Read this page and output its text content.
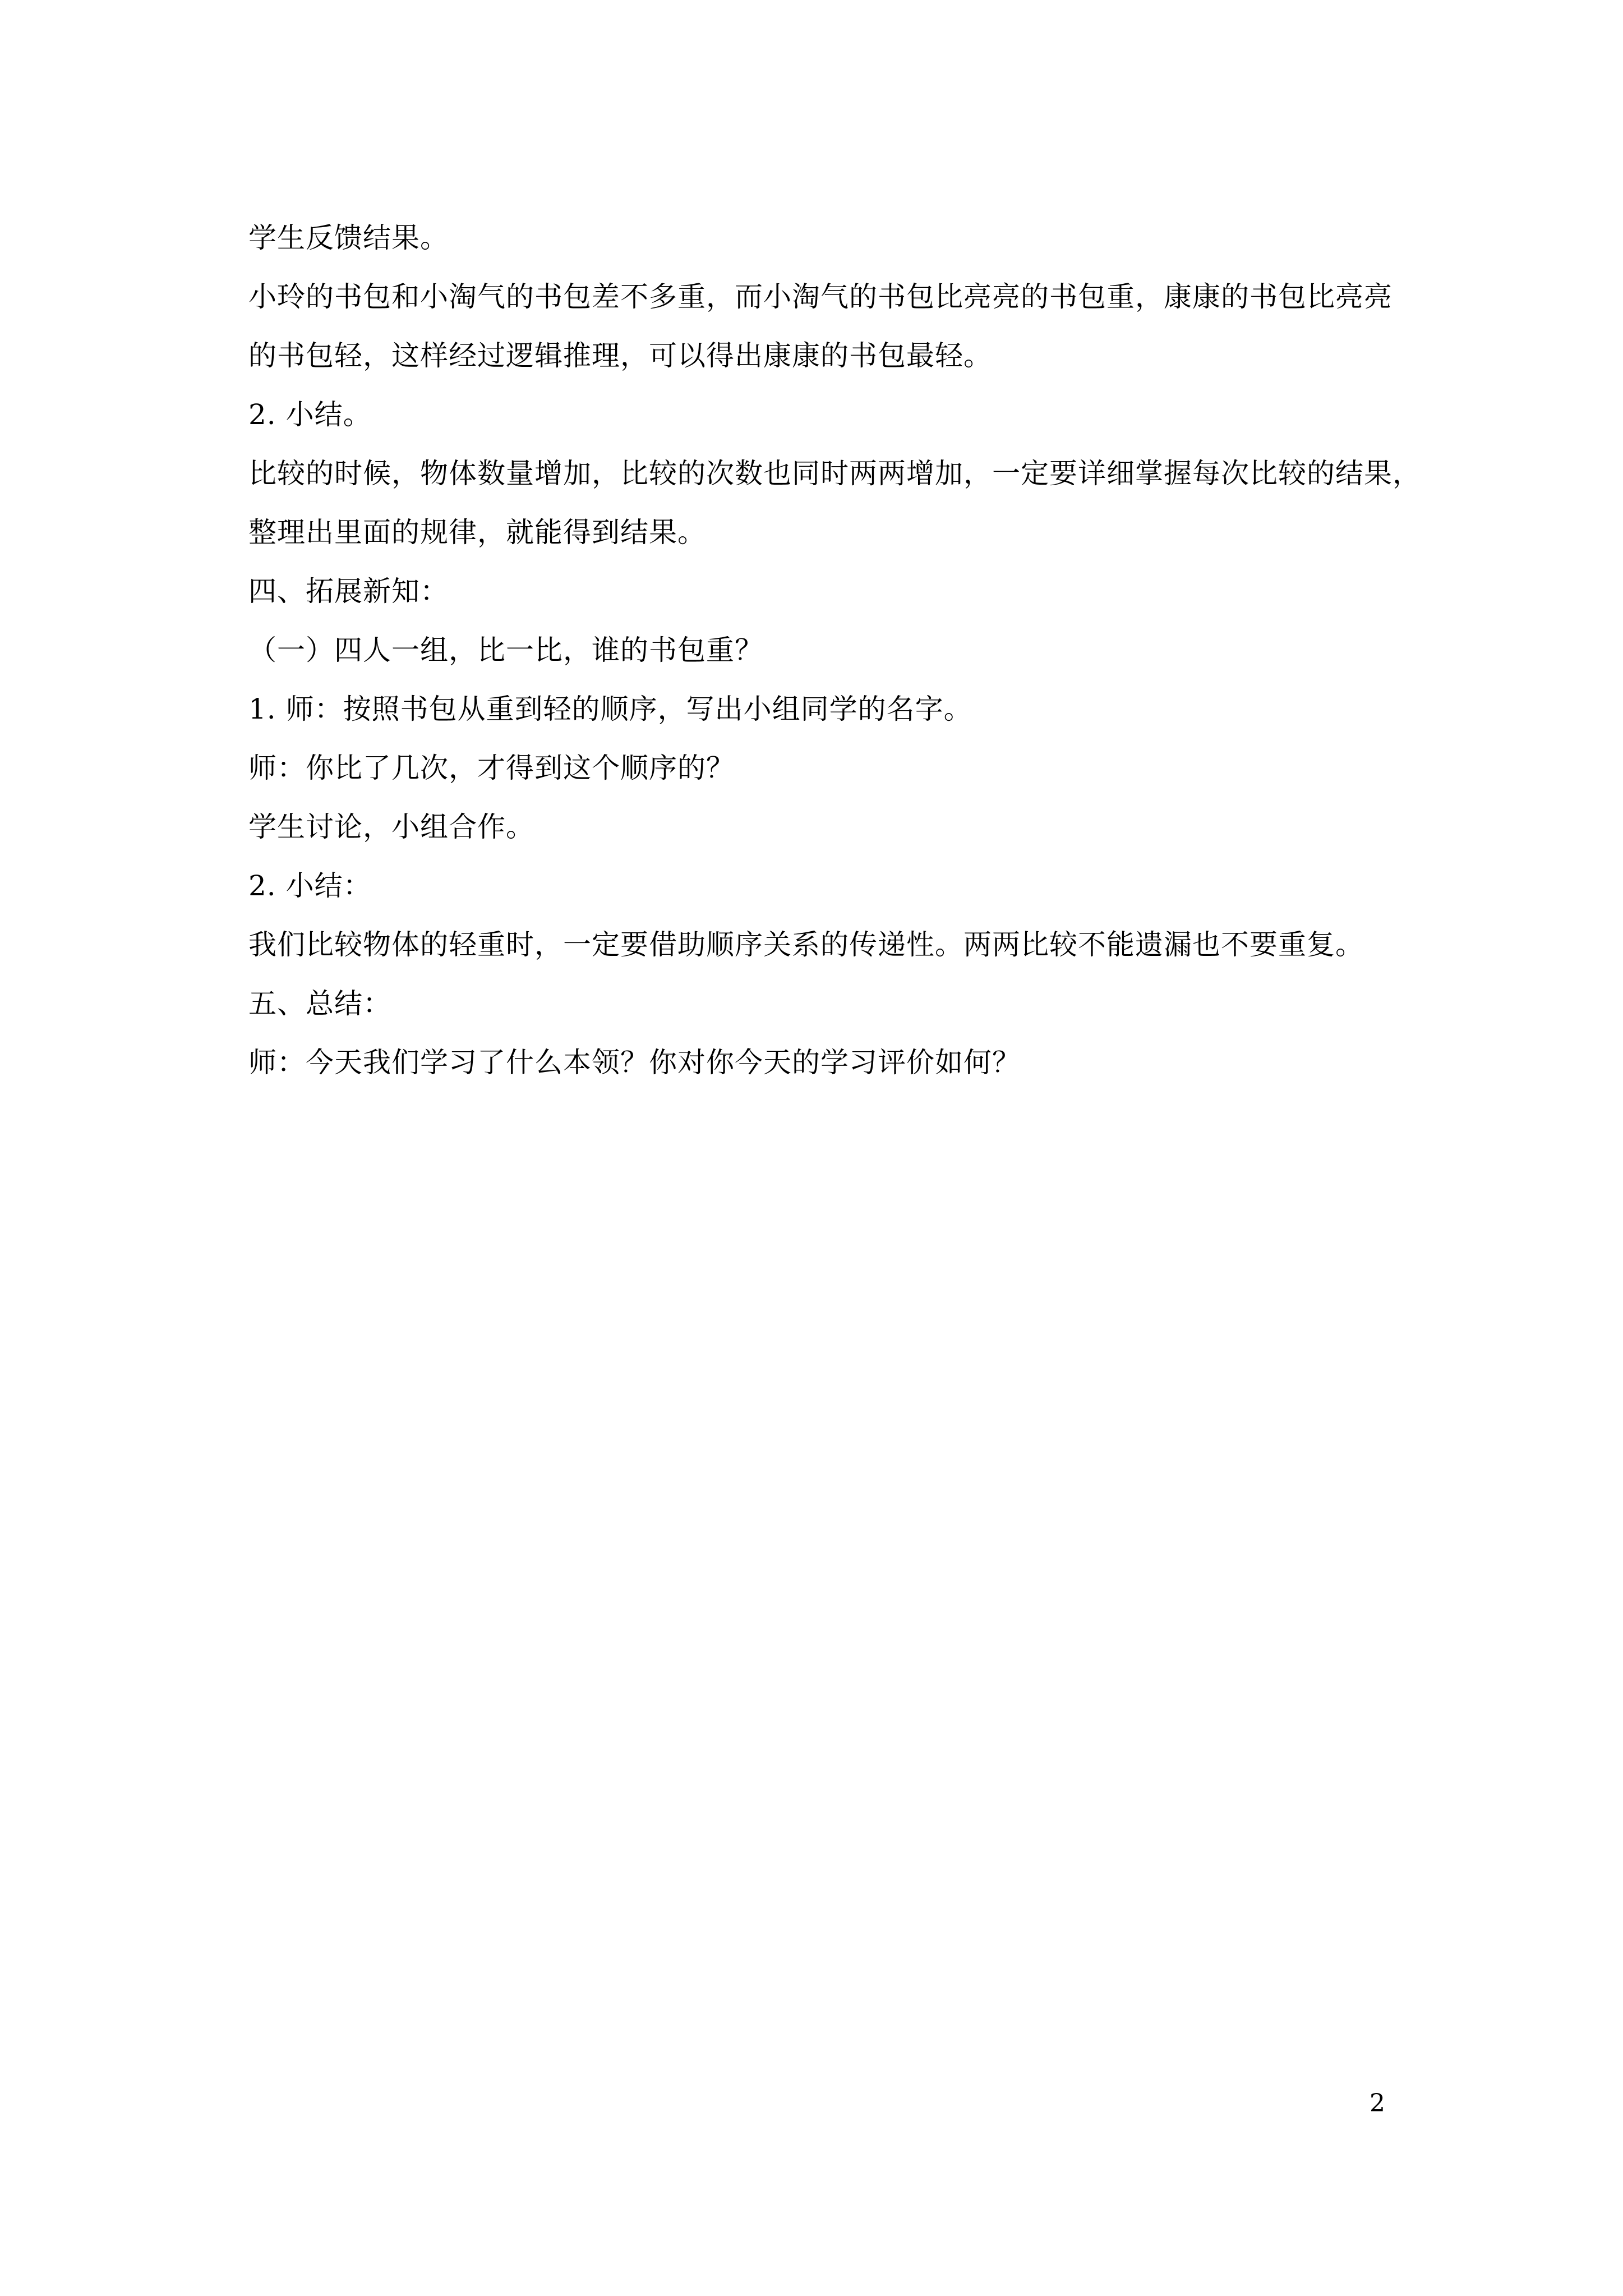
学生反馈结果。
小玲的书包和小淘气的书包差不多重，而小淘气的书包比亮亮的书包重，康康的书包比亮亮
的书包轻，这样经过逻辑推理，可以得出康康的书包最轻。
2. 小结。
比较的时候，物体数量增加，比较的次数也同时两两增加，一定要详细掌握每次比较的结果，
整理出里面的规律，就能得到结果。
四、拓展新知：
（一）四人一组，比一比，谁的书包重？
1. 师：按照书包从重到轻的顺序，写出小组同学的名字。
师：你比了几次，才得到这个顺序的？
学生讨论，小组合作。
2. 小结：
我们比较物体的轻重时，一定要借助顺序关系的传递性。两两比较不能遗漏也不要重复。
五、总结：
师：今天我们学习了什么本领？你对你今天的学习评价如何？
2
